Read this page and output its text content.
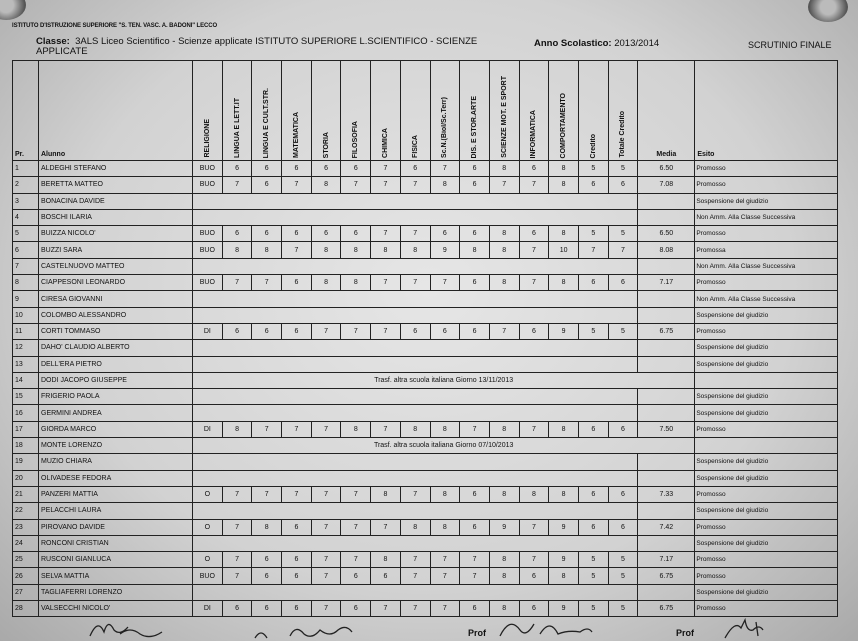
ISTITUTO D'ISTRUZIONE SUPERIORE "S. TEN. VASC. A. BADONI" LECCO
Classe: 3ALS Liceo Scientifico - Scienze applicate ISTITUTO SUPERIORE L.SCIENTIFICO - SCIENZE APPLICATE
Anno Scolastico: 2013/2014	SCRUTINIO FINALE
Pr.	Alunno	RELIGIONE	LINGUA E LETT.IT	LINGUA E CULT.STR.	MATEMATICA	STORIA	FILOSOFIA	CHIMICA	FISICA	Sc.N.(Biol/Sc.Terr)	DIS. E STOR.ARTE	SCIENZE MOT. E SPORT	INFORMATICA	COMPORTAMENTO	Credito	Totale Credito	Media	Esito
1	ALDEGHI STEFANO	BUO	6	6	6	6	6	7	6	7	6	8	6	8	5	5	6.50	Promosso
2	BERETTA MATTEO	BUO	7	6	7	8	7	7	7	8	6	7	7	8	6	6	7.08	Promosso
3	BONACINA DAVIDE																	Sospensione del giudizio
4	BOSCHI ILARIA																	Non Amm. Alla Classe Successiva
5	BUIZZA NICOLO'	BUO	6	6	6	6	6	7	7	6	6	8	6	8	5	5	6.50	Promosso
6	BUZZI SARA	BUO	8	8	7	8	8	8	8	9	8	8	7	10	7	7	8.08	Promossa
7	CASTELNUOVO MATTEO																	Non Amm. Alla Classe Successiva
8	CIAPPESONI LEONARDO	BUO	7	7	6	8	8	7	7	7	6	8	7	8	6	6	7.17	Promosso
9	CIRESA GIOVANNI																	Non Amm. Alla Classe Successiva
10	COLOMBO ALESSANDRO																	Sospensione del giudizio
11	CORTI TOMMASO	DI	6	6	6	7	7	7	6	6	6	7	6	9	5	5	6.75	Promosso
12	DAHO' CLAUDIO ALBERTO																	Sospensione del giudizio
13	DELL'ERA PIETRO																	Sospensione del giudizio
14	DODI JACOPO GIUSEPPE	Trasf. altra scuola italiana Giorno 13/11/2013																
15	FRIGERIO PAOLA																	Sospensione del giudizio
16	GERMINI ANDREA																	Sospensione del giudizio
17	GIORDA MARCO	DI	8	7	7	7	8	7	8	8	7	8	7	8	6	6	7.50	Promosso
18	MONTE LORENZO	Trasf. altra scuola italiana Giorno 07/10/2013																
19	MUZIO CHIARA																	Sospensione del giudizio
20	OLIVADESE FEDORA																	Sospensione del giudizio
21	PANZERI MATTIA	O	7	7	7	7	7	8	7	8	6	8	8	8	6	6	7.33	Promosso
22	PELACCHI LAURA																	Sospensione del giudizio
23	PIROVANO DAVIDE	O	7	8	6	7	7	7	8	8	6	9	7	9	6	6	7.42	Promosso
24	RONCONI CRISTIAN																	Sospensione del giudizio
25	RUSCONI GIANLUCA	O	7	6	6	7	7	8	7	7	7	8	7	9	5	5	7.17	Promosso
26	SELVA MATTIA	BUO	7	6	6	7	6	6	7	7	7	8	6	8	5	5	6.75	Promosso
27	TAGLIAFERRI LORENZO																	Sospensione del giudizio
28	VALSECCHI NICOLO'	DI	6	6	6	7	6	7	7	7	6	8	6	9	5	5	6.75	Promosso
Prof	Prof
